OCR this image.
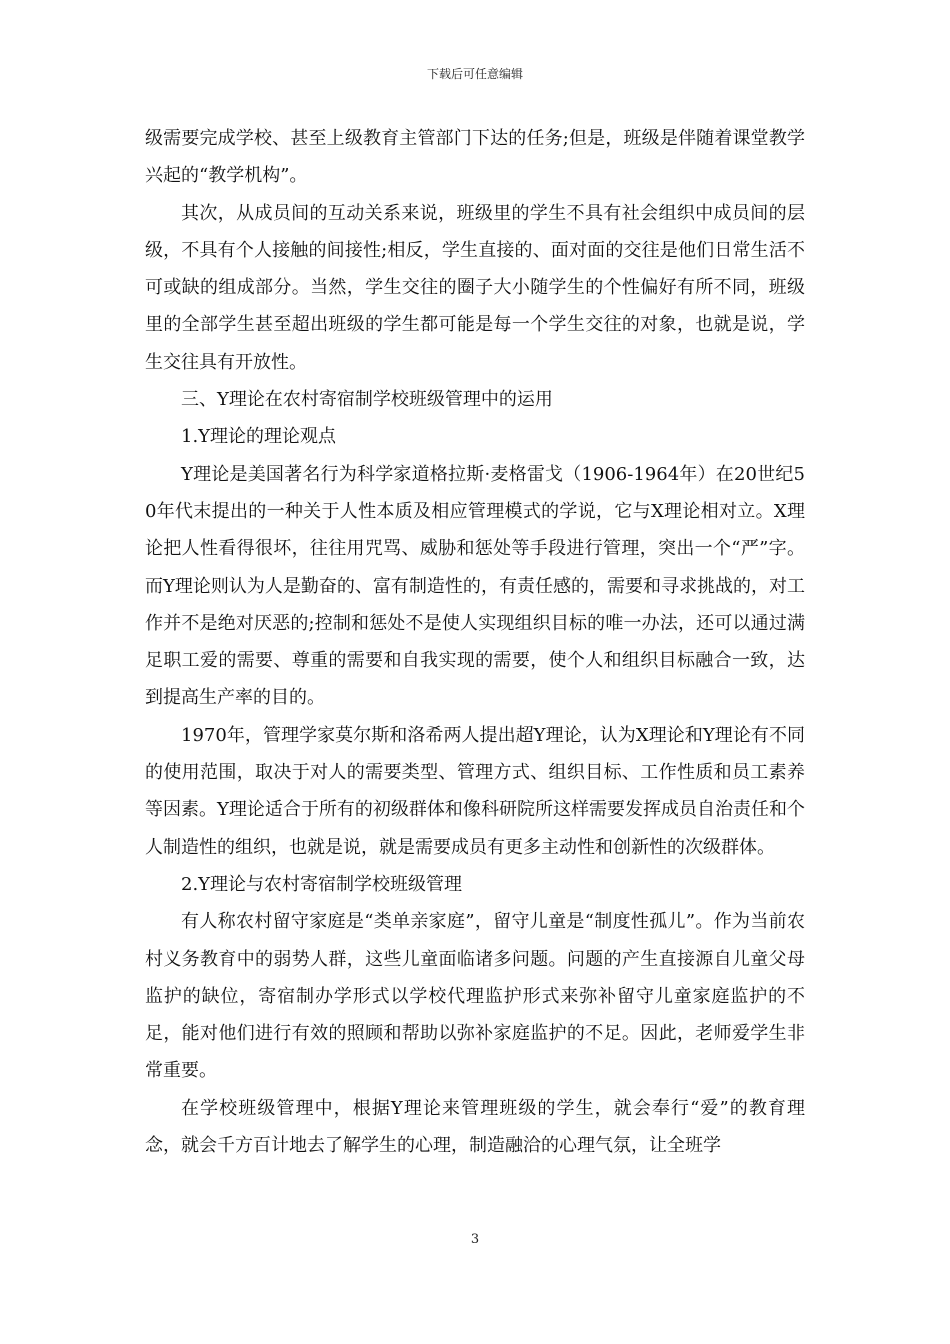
下载后可任意编辑

级需要完成学校、甚至上级教育主管部门下达的任务;但是，班级是伴随着课堂教学兴起的“教学机构”。

其次，从成员间的互动关系来说，班级里的学生不具有社会组织中成员间的层级，不具有个人接触的间接性;相反，学生直接的、面对面的交往是他们日常生活不可或缺的组成部分。当然，学生交往的圈子大小随学生的个性偏好有所不同，班级里的全部学生甚至超出班级的学生都可能是每一个学生交往的对象，也就是说，学生交往具有开放性。

三、Y理论在农村寄宿制学校班级管理中的运用

1.Y理论的理论观点

Y理论是美国著名行为科学家道格拉斯·麦格雷戈（1906-1964年）在20世纪50年代末提出的一种关于人性本质及相应管理模式的学说，它与X理论相对立。X理论把人性看得很坏，往往用咒骂、威胁和惩处等手段进行管理，突出一个“严”字。而Y理论则认为人是勤奋的、富有制造性的，有责任感的，需要和寻求挑战的，对工作并不是绝对厌恶的;控制和惩处不是使人实现组织目标的唯一办法，还可以通过满足职工爱的需要、尊重的需要和自我实现的需要，使个人和组织目标融合一致，达到提高生产率的目的。

1970年，管理学家莫尔斯和洛希两人提出超Y理论，认为X理论和Y理论有不同的使用范围，取决于对人的需要类型、管理方式、组织目标、工作性质和员工素养等因素。Y理论适合于所有的初级群体和像科研院所这样需要发挥成员自治责任和个人制造性的组织，也就是说，就是需要成员有更多主动性和创新性的次级群体。

2.Y理论与农村寄宿制学校班级管理

有人称农村留守家庭是“类单亲家庭”，留守儿童是“制度性孤儿”。作为当前农村义务教育中的弱势人群，这些儿童面临诸多问题。问题的产生直接源自儿童父母监护的缺位，寄宿制办学形式以学校代理监护形式来弥补留守儿童家庭监护的不足，能对他们进行有效的照顾和帮助以弥补家庭监护的不足。因此，老师爱学生非常重要。

在学校班级管理中，根据Y理论来管理班级的学生，就会奉行“爱”的教育理念，就会千方百计地去了解学生的心理，制造融洽的心理气氛，让全班学

3
